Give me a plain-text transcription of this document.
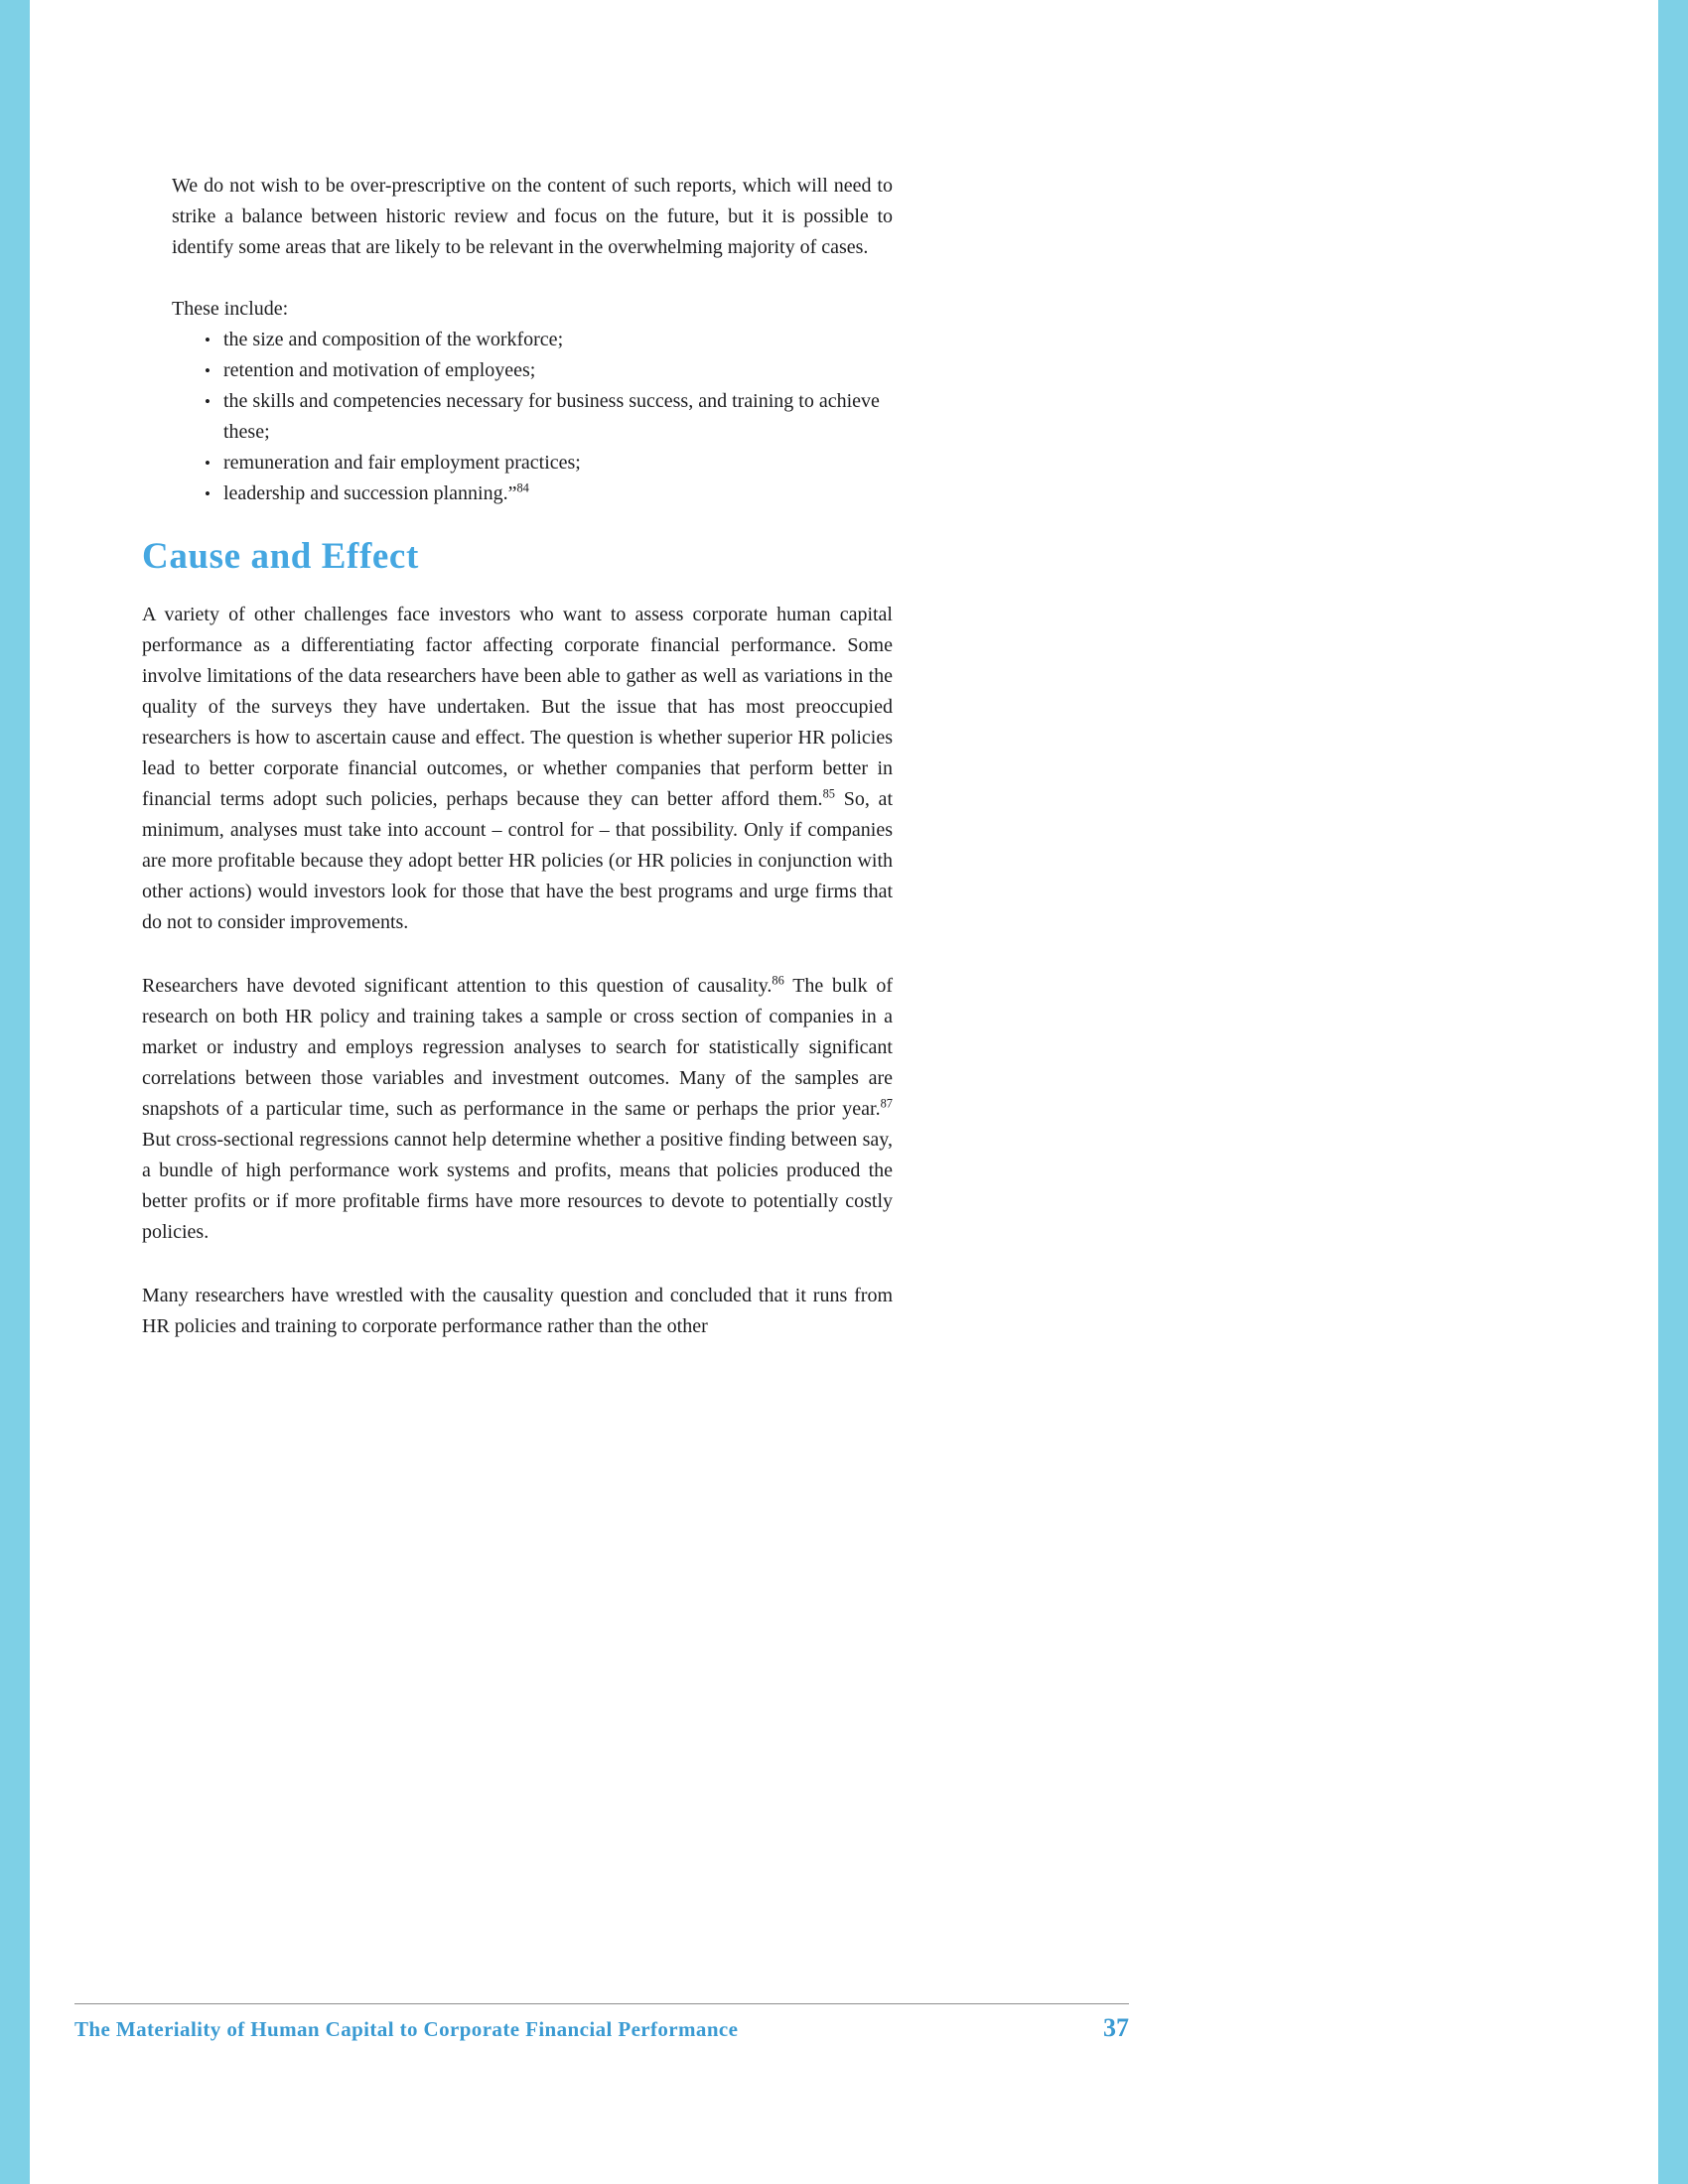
We do not wish to be over-prescriptive on the content of such reports, which will need to strike a balance between historic review and focus on the future, but it is possible to identify some areas that are likely to be relevant in the overwhelming majority of cases.

These include:

• the size and composition of the workforce;
• retention and motivation of employees;
• the skills and competencies necessary for business success, and training to achieve these;
• remuneration and fair employment practices;
• leadership and succession planning.”$^{84}$
Cause and Effect

A variety of other challenges face investors who want to assess corporate human capital performance as a differentiating factor affecting corporate financial performance. Some involve limitations of the data researchers have been able to gather as well as variations in the quality of the surveys they have undertaken. But the issue that has most preoccupied researchers is how to ascertain cause and effect. The question is whether superior HR policies lead to better corporate financial outcomes, or whether companies that perform better in financial terms adopt such policies, perhaps because they can better afford them.$^{85}$ So, at minimum, analyses must take into account – control for – that possibility. Only if companies are more profitable because they adopt better HR policies (or HR policies in conjunction with other actions) would investors look for those that have the best programs and urge firms that do not to consider improvements.

Researchers have devoted significant attention to this question of causality.$^{86}$ The bulk of research on both HR policy and training takes a sample or cross section of companies in a market or industry and employs regression analyses to search for statistically significant correlations between those variables and investment outcomes. Many of the samples are snapshots of a particular time, such as performance in the same or perhaps the prior year.$^{87}$ But cross-sectional regressions cannot help determine whether a positive finding between say, a bundle of high performance work systems and profits, means that policies produced the better profits or if more profitable firms have more resources to devote to potentially costly policies.

Many researchers have wrestled with the causality question and concluded that it runs from HR policies and training to corporate performance rather than the other

The Materiality of Human Capital to Corporate Financial Performance	37
